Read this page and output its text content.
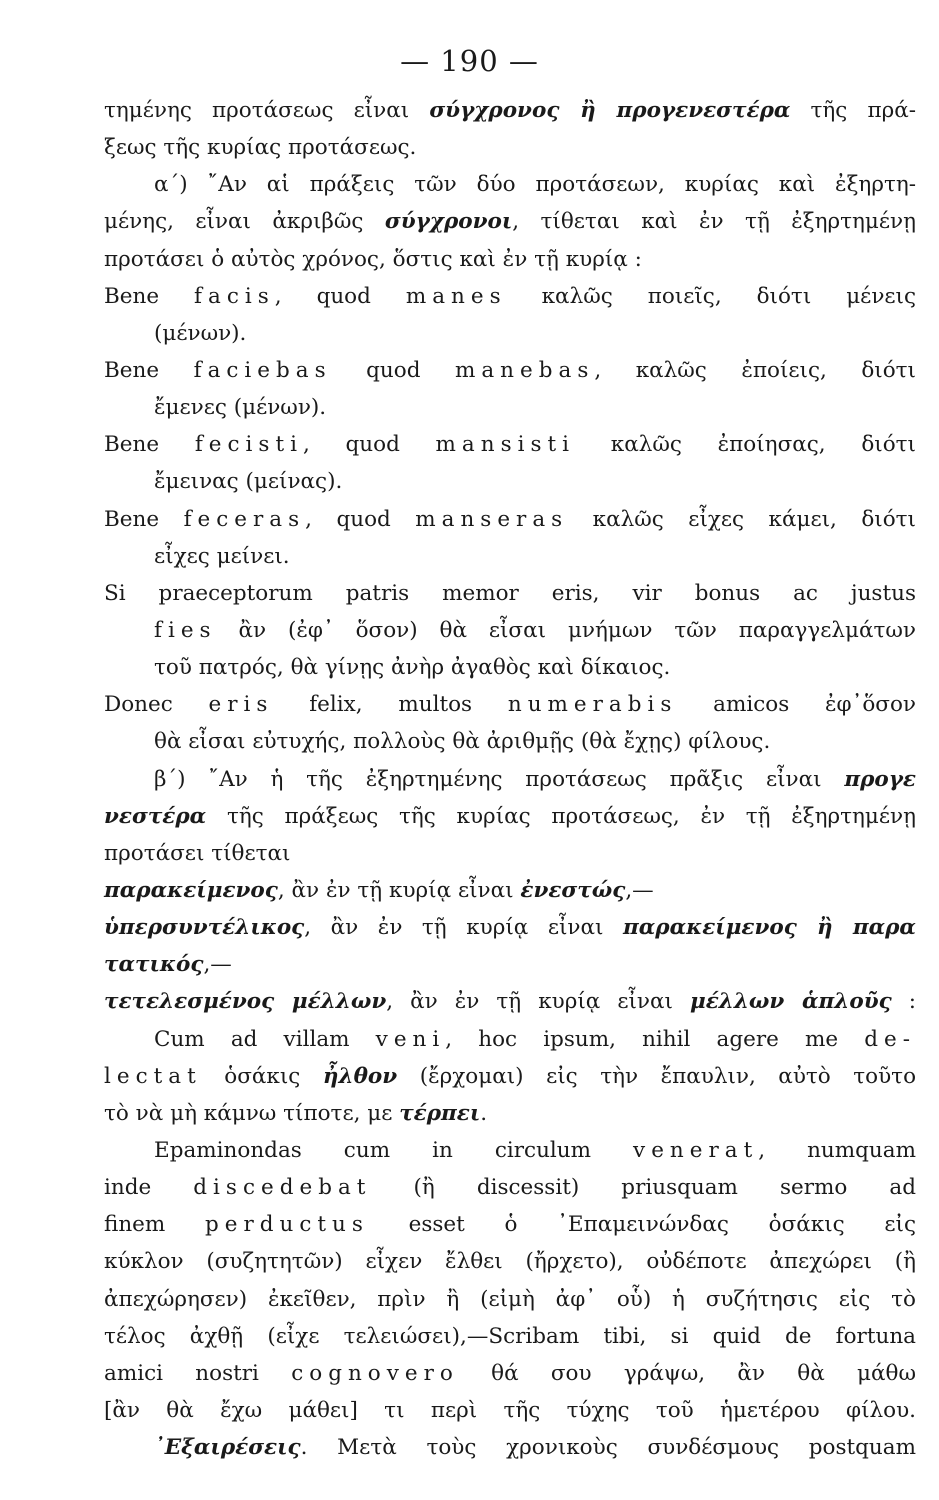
— 190 —
τημένης προτάσεως εἶναι σύγχρονος ἢ προγενεστέρα τῆς πρά-
ξεως τῆς κυρίας προτάσεως.
α΄) ῎Αν αἱ πράξεις τῶν δύο προτάσεων, κυρίας καὶ ἐξηρτη-
μένης, εἶναι ἀκριβῶς σύγχρονοι, τίθεται καὶ ἐν τῇ ἐξηρτημένῃ
προτάσει ὁ αὐτὸς χρόνος, ὅστις καὶ ἐν τῇ κυρίᾳ :
Bene facis, quod manes καλῶς ποιεῖς, διότι μένεις
(μένων).
Bene faciebas quod manebas, καλῶς ἐποίεις, διότι
ἔμενες (μένων).
Bene fecisti, quod mansisti καλῶς ἐποίησας, διότι
ἔμεινας (μείνας).
Bene feceras, quod manseras καλῶς εἶχες κάμει, διότι
εἶχες μείνει.
Si praeceptorum patris memor eris, vir bonus ac justus
fies ἂν (ἐφ᾿ ὅσον) θὰ εἶσαι μνήμων τῶν παραγγελμάτων
τοῦ πατρός, θὰ γίνῃς ἀνὴρ ἀγαθὸς καὶ δίκαιος.
Donec eris felix, multos numerabis amicos ἐφ᾿ὅσον
θὰ εἶσαι εὐτυχής, πολλοὺς θὰ ἀριθμῇς (θὰ ἔχῃς) φίλους.
β΄) ῎Αν ἡ τῆς ἐξηρτημένης προτάσεως πρᾶξις εἶναι προγε
νεστέρα τῆς πράξεως τῆς κυρίας προτάσεως, ἐν τῇ ἐξηρτημένῃ
προτάσει τίθεται
παρακείμενος, ἂν ἐν τῇ κυρίᾳ εἶναι ἐνεστώς,—
ὑπερσυντέλικος, ἂν ἐν τῇ κυρίᾳ εἶναι παρακείμενος ἢ παρα
τατικός,—
τετελεσμένος μέλλων, ἂν ἐν τῇ κυρίᾳ εἶναι μέλλων ἁπλοῦς :
Cum ad villam veni, hoc ipsum, nihil agere me de-
lectat ὁσάκις ἦλθον (ἔρχομαι) εἰς τὴν ἔπαυλιν, αὐτὸ τοῦτο
τὸ νὰ μὴ κάμνω τίποτε, με τέρπει.
Epaminondas cum in circulum venerat, numquam
inde discedebat (ἢ discessit) priusquam sermo ad
finem perductus esset ὁ ᾿Επαμεινώνδας ὁσάκις εἰς
κύκλον (συζητητῶν) εἶχεν ἔλθει (ἤρχετο), οὐδέποτε ἀπεχώρει (ἢ
ἀπεχώρησεν) ἐκεῖθεν, πρὶν ἢ (εἰμὴ ἀφ᾿ οὗ) ἡ συζήτησις εἰς τὸ
τέλος ἀχθῇ (εἶχε τελειώσει),—Scribam tibi, si quid de fortuna
amici nostri cognovero θά σου γράψω, ἂν θὰ μάθω
[ἂν θὰ ἔχω μάθει] τι περὶ τῆς τύχης τοῦ ἡμετέρου φίλου.
᾿Εξαιρέσεις. Μετὰ τοὺς χρονικοὺς συνδέσμους postquam
